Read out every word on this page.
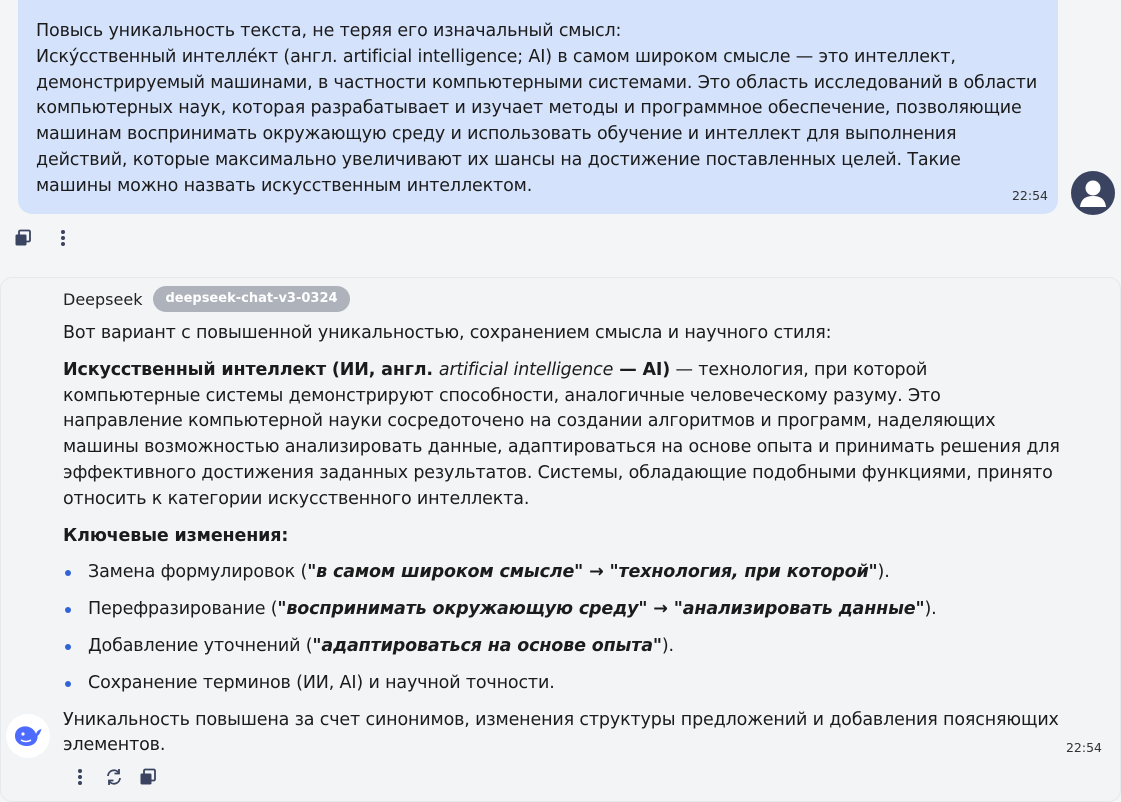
Повысь уникальность текста, не теряя его изначальный смысл:
Иску́сственный интелле́кт (англ. artificial intelligence; AI) в самом широком смысле — это интеллект, демонстрируемый машинами, в частности компьютерными системами. Это область исследований в области компьютерных наук, которая разрабатывает и изучает методы и программное обеспечение, позволяющие машинам воспринимать окружающую среду и использовать обучение и интеллект для выполнения действий, которые максимально увеличивают их шансы на достижение поставленных целей. Такие машины можно назвать искусственным интеллектом.	22:54
Deepseek	deepseek-chat-v3-0324

Вот вариант с повышенной уникальностью, сохранением смысла и научного стиля:

Искусственный интеллект (ИИ, англ. artificial intelligence — AI) — технология, при которой компьютерные системы демонстрируют способности, аналогичные человеческому разуму. Это направление компьютерной науки сосредоточено на создании алгоритмов и программ, наделяющих машины возможностью анализировать данные, адаптироваться на основе опыта и принимать решения для эффективного достижения заданных результатов. Системы, обладающие подобными функциями, принято относить к категории искусственного интеллекта.

Ключевые изменения:

Замена формулировок ("в самом широком смысле" → "технология, при которой").
Перефразирование ("воспринимать окружающую среду" → "анализировать данные").
Добавление уточнений ("адаптироваться на основе опыта").
Сохранение терминов (ИИ, AI) и научной точности.

Уникальность повышена за счет синонимов, изменения структуры предложений и добавления поясняющих элементов.	22:54
